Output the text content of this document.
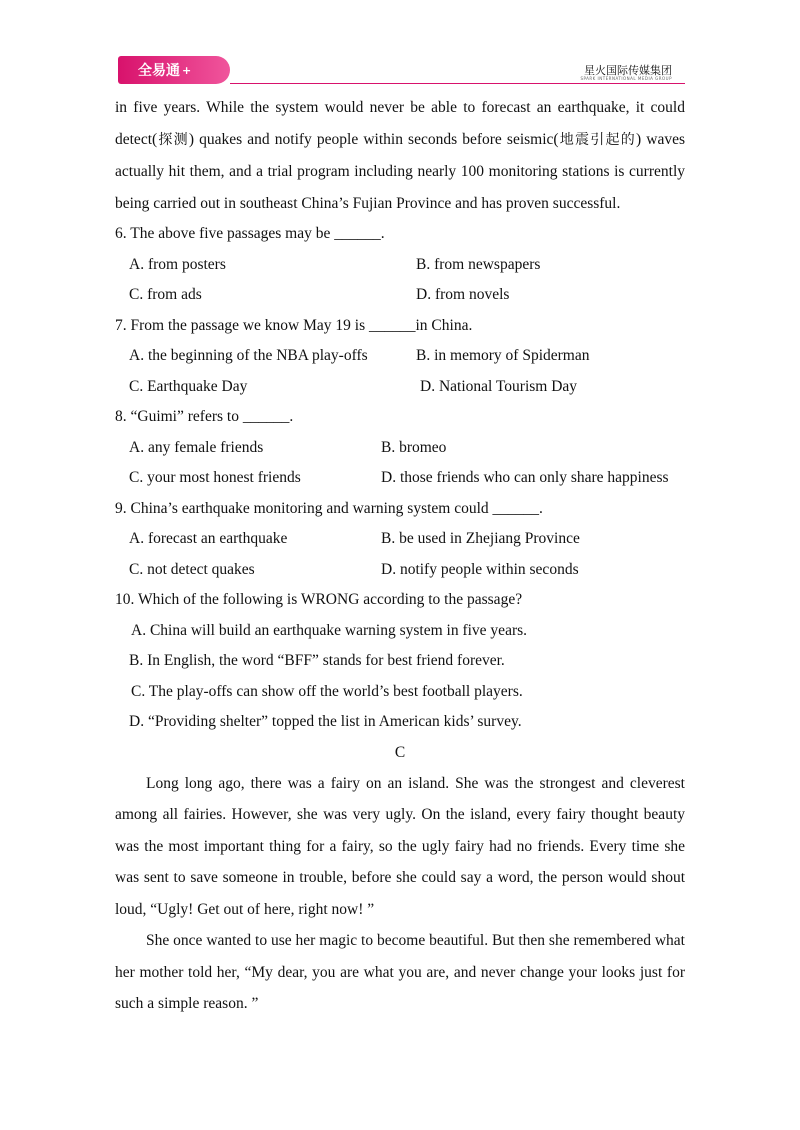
全易通 +	星火国际传媒集团
SPARK INTERNATIONAL MEDIA GROUP

in five years. While the system would never be able to forecast an earthquake, it could detect(探测) quakes and notify people within seconds before seismic(地震引起的) waves actually hit them, and a trial program including nearly 100 monitoring stations is currently being carried out in southeast China’s Fujian Province and has proven successful.

6. The above five passages may be ______.

A. from posters	B. from newspapers
C. from ads	D. from novels

7. From the passage we know May 19 is ______in China.

A. the beginning of the NBA play-offs	B. in memory of Spiderman
C. Earthquake Day	D. National Tourism Day

8. “Guimi” refers to ______.

A. any female friends	B. bromeo
C. your most honest friends	D. those friends who can only share happiness

9. China’s earthquake monitoring and warning system could ______.

A. forecast an earthquake	B. be used in Zhejiang Province
C. not detect quakes	D. notify people within seconds

10. Which of the following is WRONG according to the passage?

A. China will build an earthquake warning system in five years.

B. In English, the word “BFF” stands for best friend forever.

C. The play-offs can show off the world’s best football players.

D. “Providing shelter” topped the list in American kids’ survey.

C

Long long ago, there was a fairy on an island. She was the strongest and cleverest among all fairies. However, she was very ugly. On the island, every fairy thought beauty was the most important thing for a fairy, so the ugly fairy had no friends. Every time she was sent to save someone in trouble, before she could say a word, the person would shout loud, “Ugly! Get out of here, right now! ”

She once wanted to use her magic to become beautiful. But then she remembered what her mother told her, “My dear, you are what you are, and never change your looks just for such a simple reason. ”
